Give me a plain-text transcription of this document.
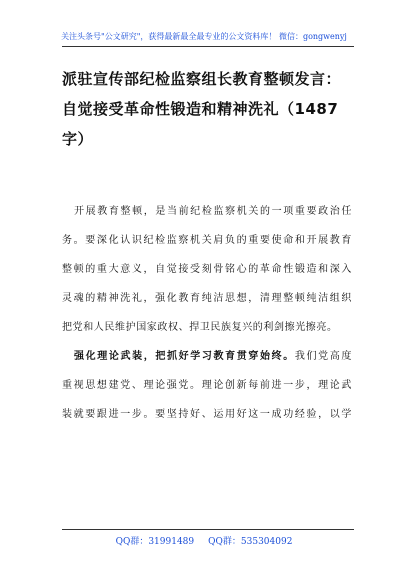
关注头条号"公文研究"，获得最新最全最专业的公文资料库！ 微信：gongwenyj
派驻宣传部纪检监察组长教育整顿发言：
自觉接受革命性锻造和精神洗礼（1487
字）
开展教育整顿，是当前纪检监察机关的一项重要政治任
务。要深化认识纪检监察机关肩负的重要使命和开展教育
整顿的重大意义，自觉接受刻骨铭心的革命性锻造和深入
灵魂的精神洗礼，强化教育纯洁思想，清理整顿纯洁组织
把党和人民维护国家政权、捍卫民族复兴的利剑擦光擦亮。
强化理论武装，把抓好学习教育贯穿始终。我们党高度
重视思想建党、理论强党。理论创新每前进一步，理论武
装就要跟进一步。要坚持好、运用好这一成功经验，以学
QQ群：31991489 QQ群：535304092
